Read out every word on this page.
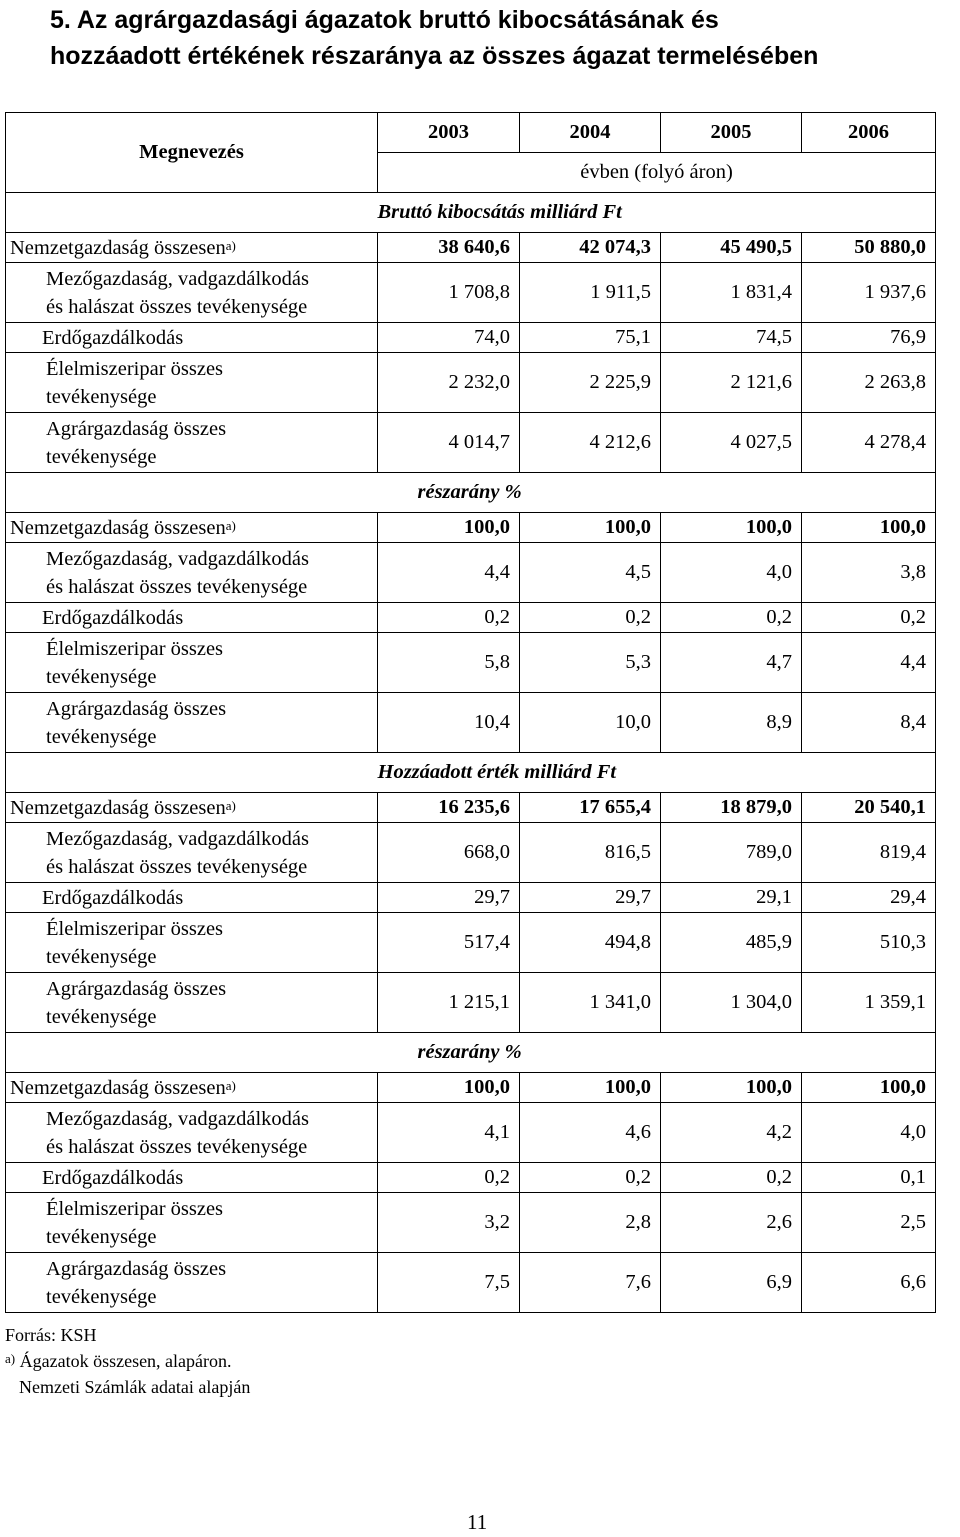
5. Az agrárgazdasági ágazatok bruttó kibocsátásának és
hozzáadott értékének részaránya az összes ágazat termelésében
Megnevezés	2003	2004	2005	2006
	évben (folyó áron)			
	Bruttó kibocsátás milliárd Ft			
Nemzetgazdaság összesen$^{a)}$	38 640,6	42 074,3	45 490,5	50 880,0

Mezőgazdaság, vadgazdálkodás
és halászat összes tevékenysége	1 708,8	1 911,5	1 831,4	1 937,6
Erdőgazdálkodás	74,0	75,1	74,5	76,9

Élelmiszeripar összes
tevékenysége	2 232,0	2 225,9	2 121,6	2 263,8

Agrárgazdaság összes
tevékenysége	4 014,7	4 212,6	4 027,5	4 278,4
	részarány %			
Nemzetgazdaság összesen$^{a)}$	100,0	100,0	100,0	100,0

Mezőgazdaság, vadgazdálkodás
és halászat összes tevékenysége	4,4	4,5	4,0	3,8
Erdőgazdálkodás	0,2	0,2	0,2	0,2

Élelmiszeripar összes
tevékenysége	5,8	5,3	4,7	4,4

Agrárgazdaság összes
tevékenysége	10,4	10,0	8,9	8,4
	Hozzáadott érték milliárd Ft			
Nemzetgazdaság összesen$^{a)}$	16 235,6	17 655,4	18 879,0	20 540,1

Mezőgazdaság, vadgazdálkodás
és halászat összes tevékenysége	668,0	816,5	789,0	819,4
Erdőgazdálkodás	29,7	29,7	29,1	29,4

Élelmiszeripar összes
tevékenysége	517,4	494,8	485,9	510,3

Agrárgazdaság összes
tevékenysége	1 215,1	1 341,0	1 304,0	1 359,1
	részarány %			
Nemzetgazdaság összesen$^{a)}$	100,0	100,0	100,0	100,0

Mezőgazdaság, vadgazdálkodás
és halászat összes tevékenysége	4,1	4,6	4,2	4,0
Erdőgazdálkodás	0,2	0,2	0,2	0,1

Élelmiszeripar összes
tevékenysége	3,2	2,8	2,6	2,5

Agrárgazdaság összes
tevékenysége	7,5	7,6	6,9	6,6
Forrás: KSH
$^{a)}$ Ágazatok összesen, alapáron.
Nemzeti Számlák adatai alapján
11
